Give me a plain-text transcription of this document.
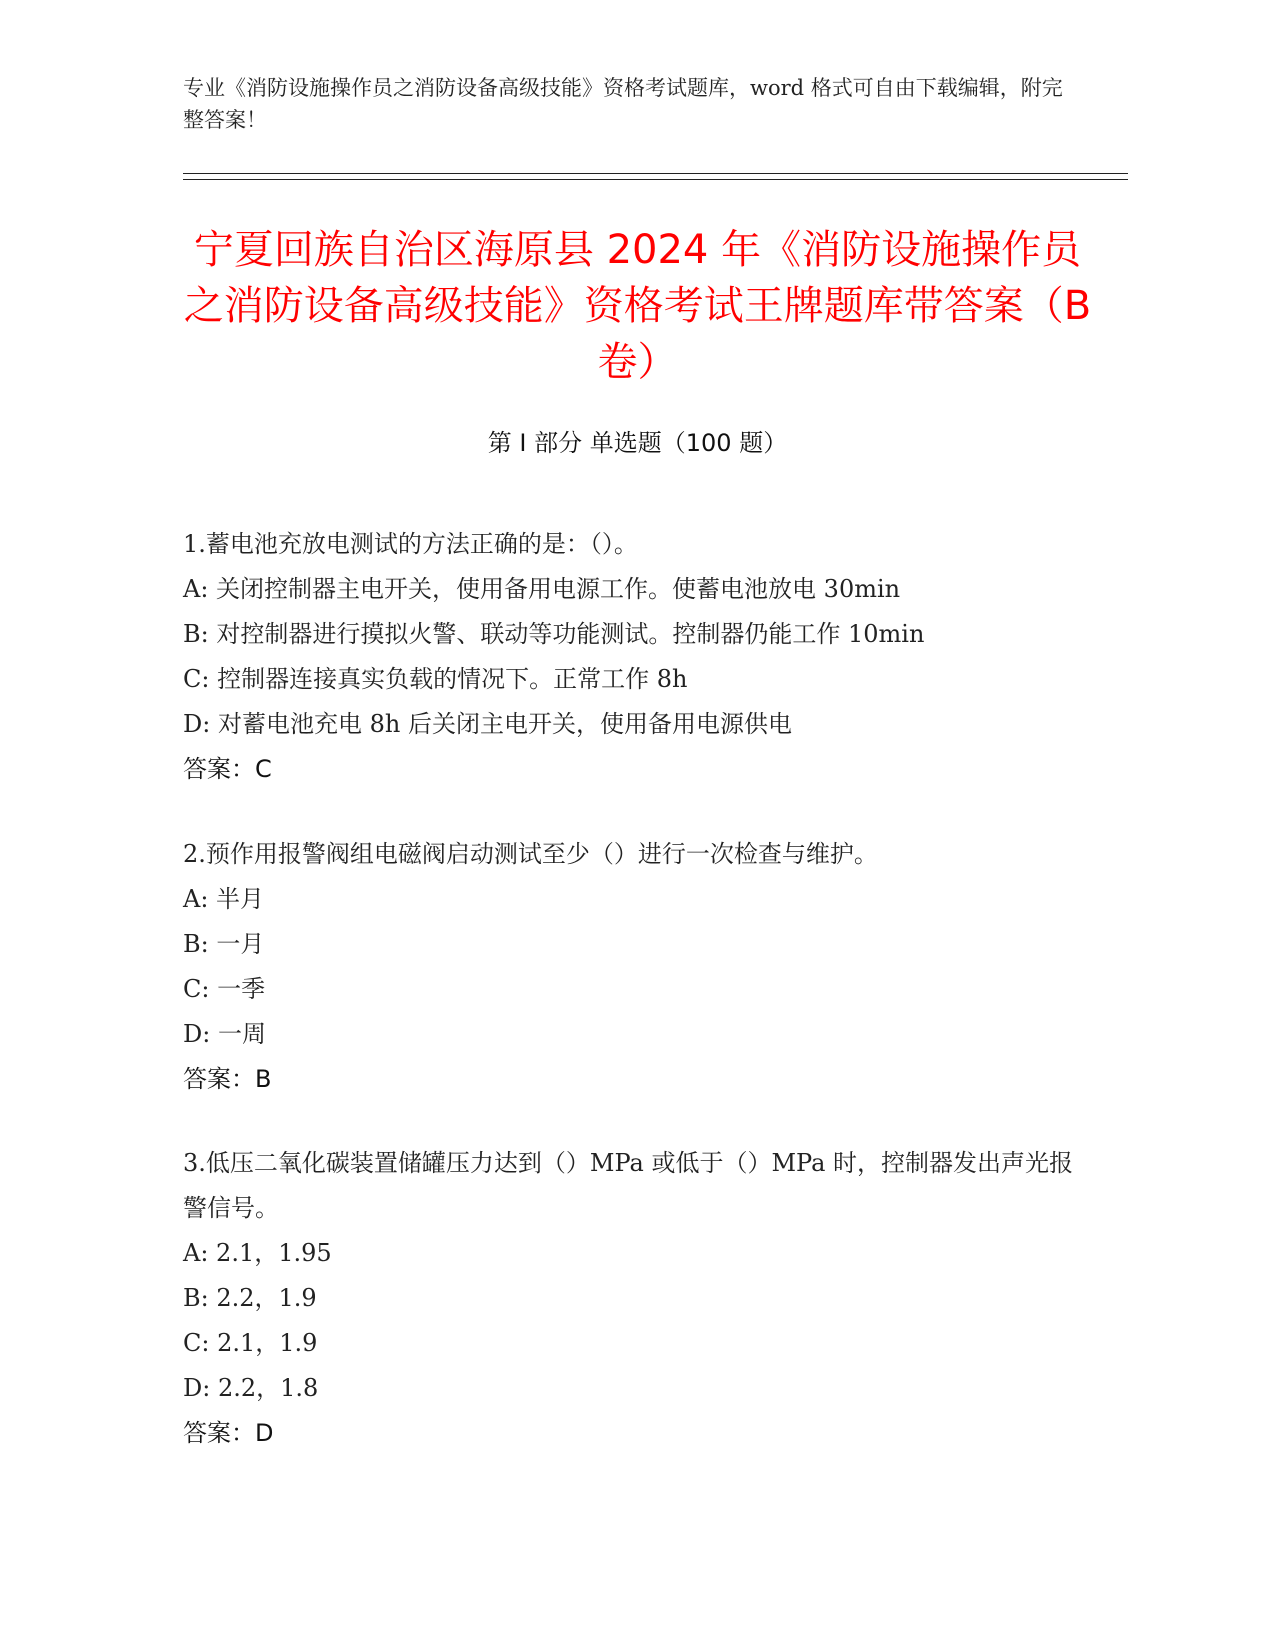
专业《消防设施操作员之消防设备高级技能》资格考试题库，word 格式可自由下载编辑，附完整答案！
宁夏回族自治区海原县 2024 年《消防设施操作员之消防设备高级技能》资格考试王牌题库带答案（B 卷）
第 I 部分 单选题（100 题）
1.蓄电池充放电测试的方法正确的是：（）。
A: 关闭控制器主电开关，使用备用电源工作。使蓄电池放电 30min
B: 对控制器进行摸拟火警、联动等功能测试。控制器仍能工作 10min
C: 控制器连接真实负载的情况下。正常工作 8h
D: 对蓄电池充电 8h 后关闭主电开关，使用备用电源供电
答案：C
2.预作用报警阀组电磁阀启动测试至少（）进行一次检查与维护。
A: 半月
B: 一月
C: 一季
D: 一周
答案：B
3.低压二氧化碳装置储罐压力达到（）MPa 或低于（）MPa 时，控制器发出声光报警信号。
A: 2.1，1.95
B: 2.2，1.9
C: 2.1，1.9
D: 2.2，1.8
答案：D
